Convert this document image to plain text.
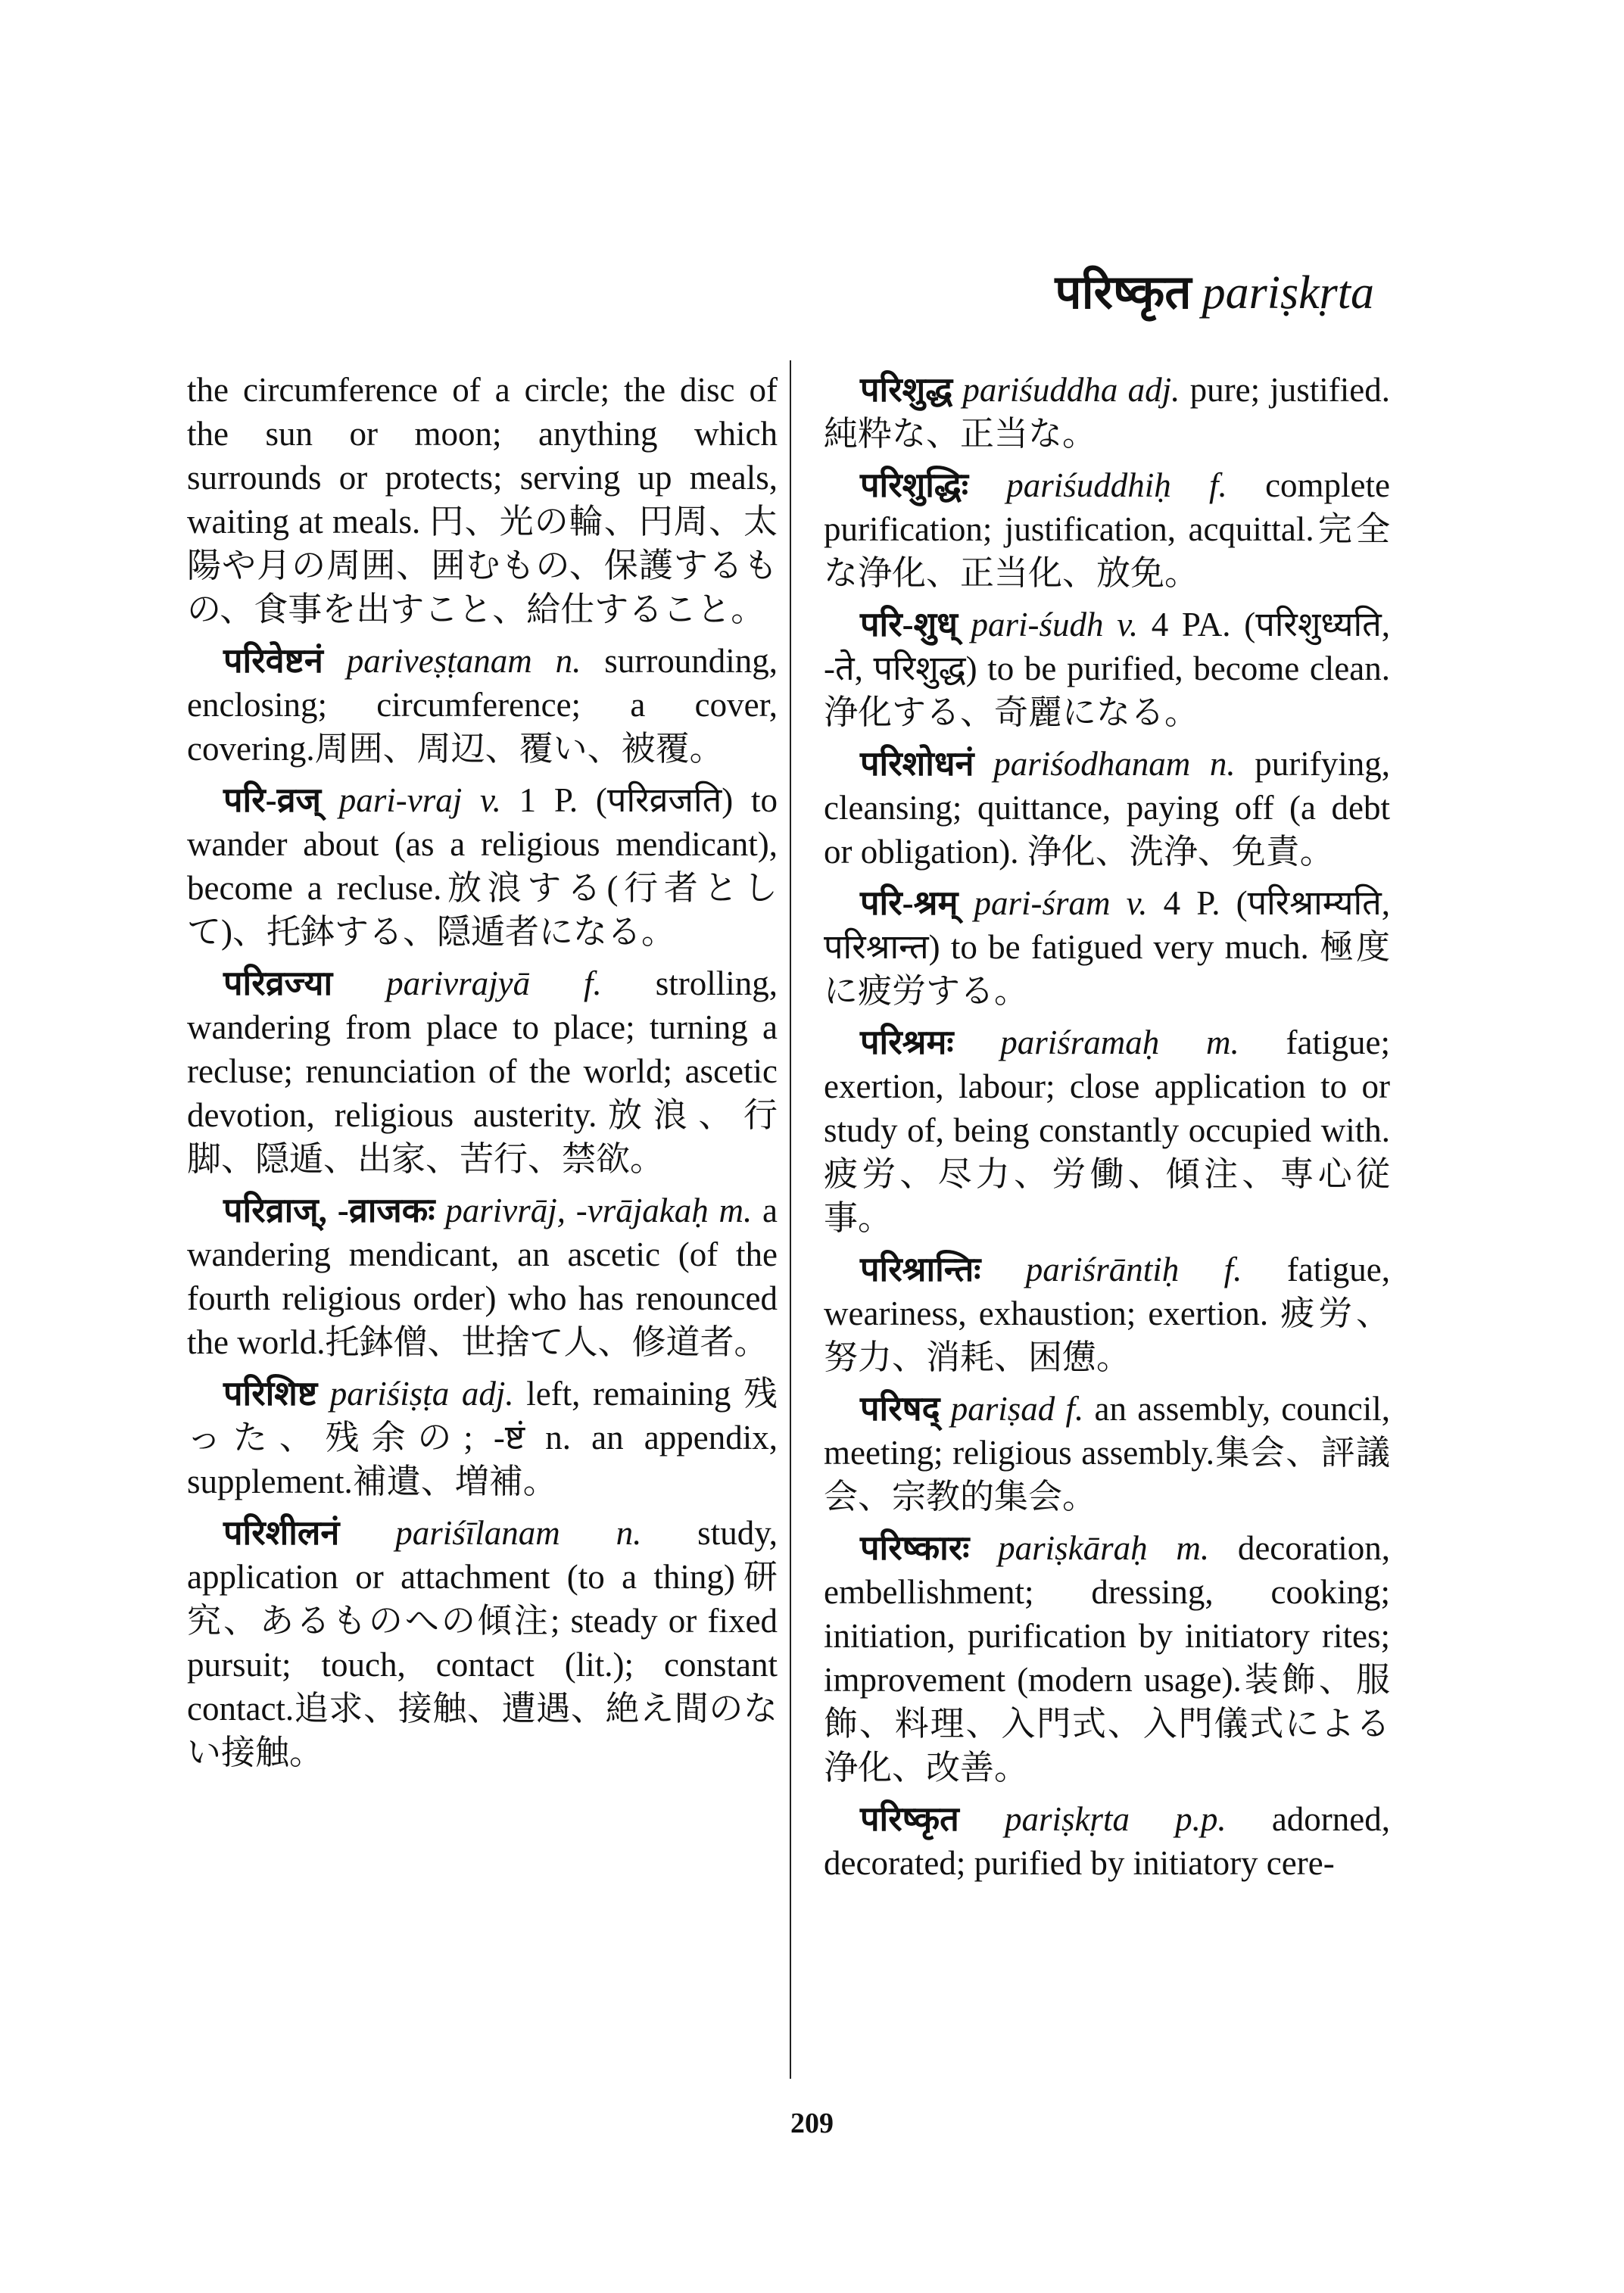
परिष्कृत pariṣkṛta

the circumference of a circle; the disc of the sun or moon; anything which surrounds or protects; serving up meals, waiting at meals. 円、光の輪、円周、太陽や月の周囲、囲むもの、保護するもの、食事を出すこと、給仕すること。

परिवेष्टनं pariveṣṭanam n. surrounding, enclosing; circumference; a cover, covering.周囲、周辺、覆い、被覆。

परि-व्रज् pari-vraj v. 1 P. (परिव्रजति) to wander about (as a religious mendicant), become a recluse.放浪する(行者として)、托鉢する、隠遁者になる。

परिव्रज्या parivrajyā f. strolling, wandering from place to place; turning a recluse; renunciation of the world; ascetic devotion, religious austerity.放浪、行脚、隠遁、出家、苦行、禁欲。

परिव्राज्, -व्राजकः parivrāj, -vrājakaḥ m. a wandering mendicant, an ascetic (of the fourth religious order) who has renounced the world.托鉢僧、世捨て人、修道者。

परिशिष्ट pariśiṣṭa adj. left, remaining 残った、残余の; -ष्टं n. an appendix, supplement.補遺、増補。

परिशीलनं pariśīlanam n. study, application or attachment (to a thing)研究、あるものへの傾注; steady or fixed pursuit; touch, contact (lit.); constant contact.追求、接触、遭遇、絶え間のない接触。

परिशुद्ध pariśuddha adj. pure; justified.純粋な、正当な。

परिशुद्धिः pariśuddhiḥ f. complete purification; justification, acquittal.完全な浄化、正当化、放免。

परि-शुध् pari-śudh v. 4 PA. (परिशुध्यति, -ते, परिशुद्ध) to be purified, become clean.浄化する、奇麗になる。

परिशोधनं pariśodhanam n. purifying, cleansing; quittance, paying off (a debt or obligation). 浄化、洗浄、免責。

परि-श्रम् pari-śram v. 4 P. (परिश्राम्यति, परिश्रान्त) to be fatigued very much. 極度に疲労する。

परिश्रमः pariśramaḥ m. fatigue; exertion, labour; close application to or study of, being constantly occupied with.疲労、尽力、労働、傾注、専心従事。

परिश्रान्तिः pariśrāntiḥ f. fatigue, weariness, exhaustion; exertion. 疲労、努力、消耗、困憊。

परिषद् pariṣad f. an assembly, council, meeting; religious assembly.集会、評議会、宗教的集会。

परिष्कारः pariṣkāraḥ m. decoration, embellishment; dressing, cooking; initiation, purification by initiatory rites; improvement (modern usage).装飾、服飾、料理、入門式、入門儀式による浄化、改善。

परिष्कृत pariṣkṛta p.p. adorned, decorated; purified by initiatory cere-

209
